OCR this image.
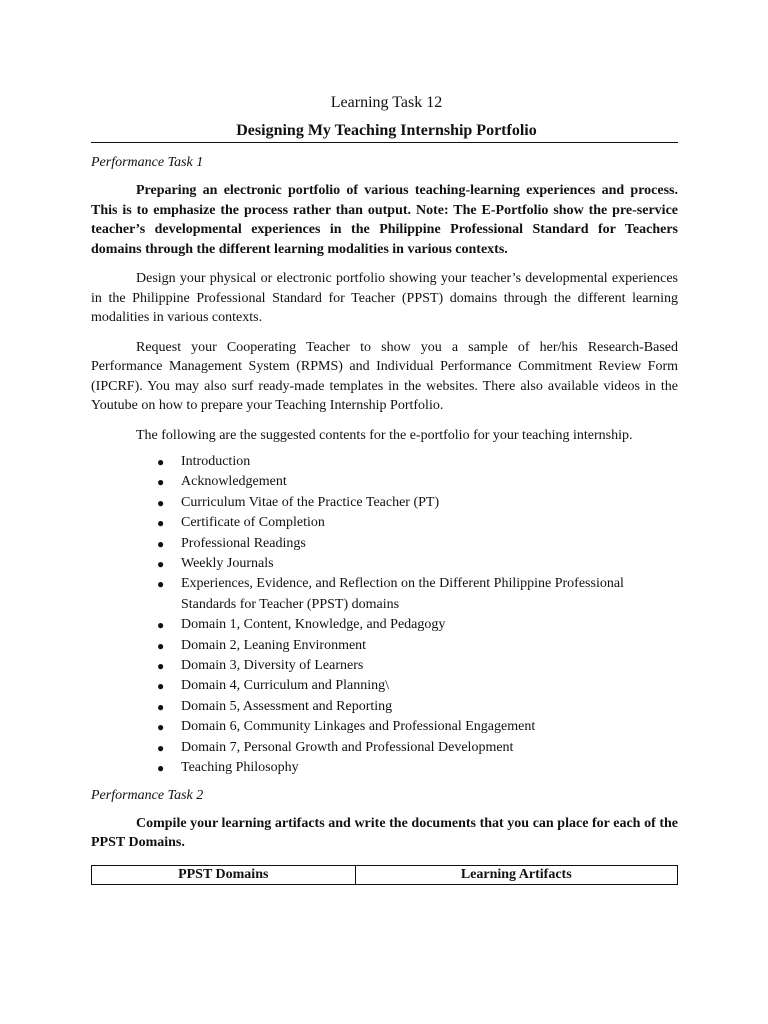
Learning Task 12
Designing My Teaching Internship Portfolio
Performance Task 1

Preparing an electronic portfolio of various teaching-learning experiences and process. This is to emphasize the process rather than output. Note: The E-Portfolio show the pre-service teacher’s developmental experiences in the Philippine Professional Standard for Teachers domains through the different learning modalities in various contexts.

Design your physical or electronic portfolio showing your teacher’s developmental experiences in the Philippine Professional Standard for Teacher (PPST) domains through the different learning modalities in various contexts.

Request your Cooperating Teacher to show you a sample of her/his Research-Based Performance Management System (RPMS) and Individual Performance Commitment Review Form (IPCRF). You may also surf ready-made templates in the websites. There also available videos in the Youtube on how to prepare your Teaching Internship Portfolio.

The following are the suggested contents for the e-portfolio for your teaching internship.

● Introduction
● Acknowledgement
● Curriculum Vitae of the Practice Teacher (PT)
● Certificate of Completion
● Professional Readings
● Weekly Journals
● Experiences, Evidence, and Reflection on the Different Philippine Professional Standards for Teacher (PPST) domains
● Domain 1, Content, Knowledge, and Pedagogy
● Domain 2, Leaning Environment
● Domain 3, Diversity of Learners
● Domain 4, Curriculum and Planning\
● Domain 5, Assessment and Reporting
● Domain 6, Community Linkages and Professional Engagement
● Domain 7, Personal Growth and Professional Development
● Teaching Philosophy
Performance Task 2

Compile your learning artifacts and write the documents that you can place for each of the PPST Domains.

PPST Domains	Learning Artifacts
